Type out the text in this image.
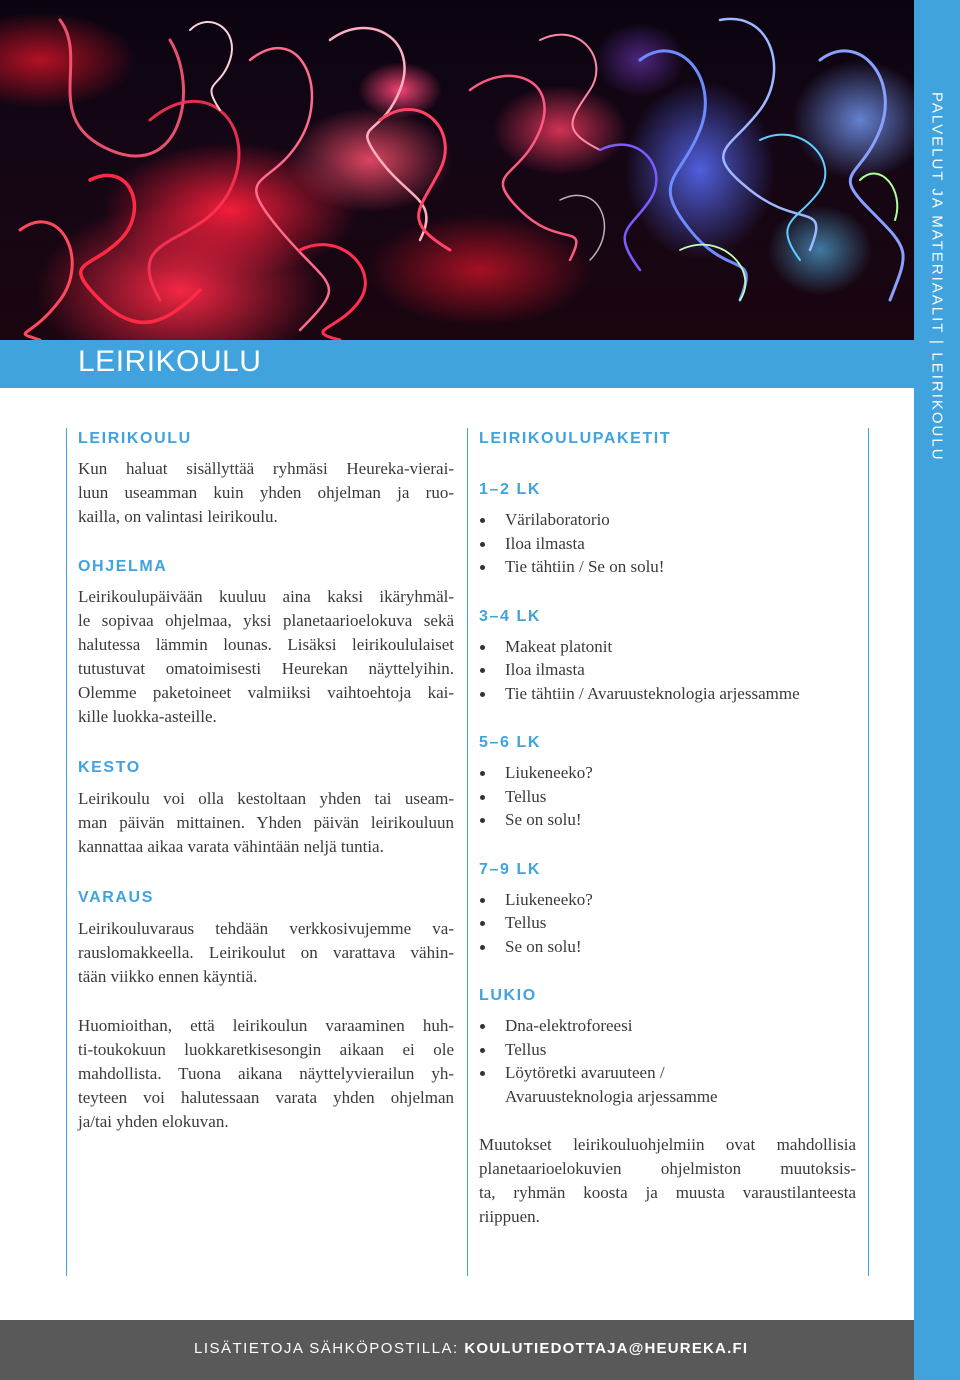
LEIRIKOULU
PALVELUT JA MATERIAALIT|LEIRIKOULU
LEIRIKOULU

Kun haluat sisällyttää ryhmäsi Heureka-vierai-
luun useamman kuin yhden ohjelman ja ruo-
kailla, on valintasi leirikoulu.

OHJELMA

Leirikoulupäivään kuuluu aina kaksi ikäryhmäl-
le sopivaa ohjelmaa, yksi planetaarioelokuva sekä
halutessa lämmin lounas. Lisäksi leirikoululaiset
tutustuvat omatoimisesti Heurekan näyttelyihin.
Olemme paketoineet valmiiksi vaihtoehtoja kai-
kille luokka-asteille.

KESTO

Leirikoulu voi olla kestoltaan yhden tai useam-
man päivän mittainen. Yhden päivän leirikouluun
kannattaa aikaa varata vähintään neljä tuntia.

VARAUS

Leirikouluvaraus tehdään verkkosivujemme va-
rauslomakkeella. Leirikoulut on varattava vähin-
tään viikko ennen käyntiä.

Huomioithan, että leirikoulun varaaminen huh-
ti-toukokuun luokkaretkisesongin aikaan ei ole
mahdollista. Tuona aikana näyttelyvierailun yh-
teyteen voi halutessaan varata yhden ohjelman
ja/tai yhden elokuvan.

LEIRIKOULUPAKETIT
1–2 LK
Värilaboratorio
Iloa ilmasta
Tie tähtiin / Se on solu!
3–4 LK
Makeat platonit
Iloa ilmasta
Tie tähtiin / Avaruusteknologia arjessamme
5–6 LK
Liukeneeko?
Tellus
Se on solu!
7–9 LK
Liukeneeko?
Tellus
Se on solu!
LUKIO
Dna-elektroforeesi
Tellus
Löytöretki avaruuteen /
Avaruusteknologia arjessamme

Muutokset leirikouluohjelmiin ovat mahdollisia
planetaarioelokuvien ohjelmiston muutoksis-
ta, ryhmän koosta ja muusta varaustilanteesta
riippuen.

LISÄTIETOJA SÄHKÖPOSTILLA: KOULUTIEDOTTAJA@HEUREKA.FI
